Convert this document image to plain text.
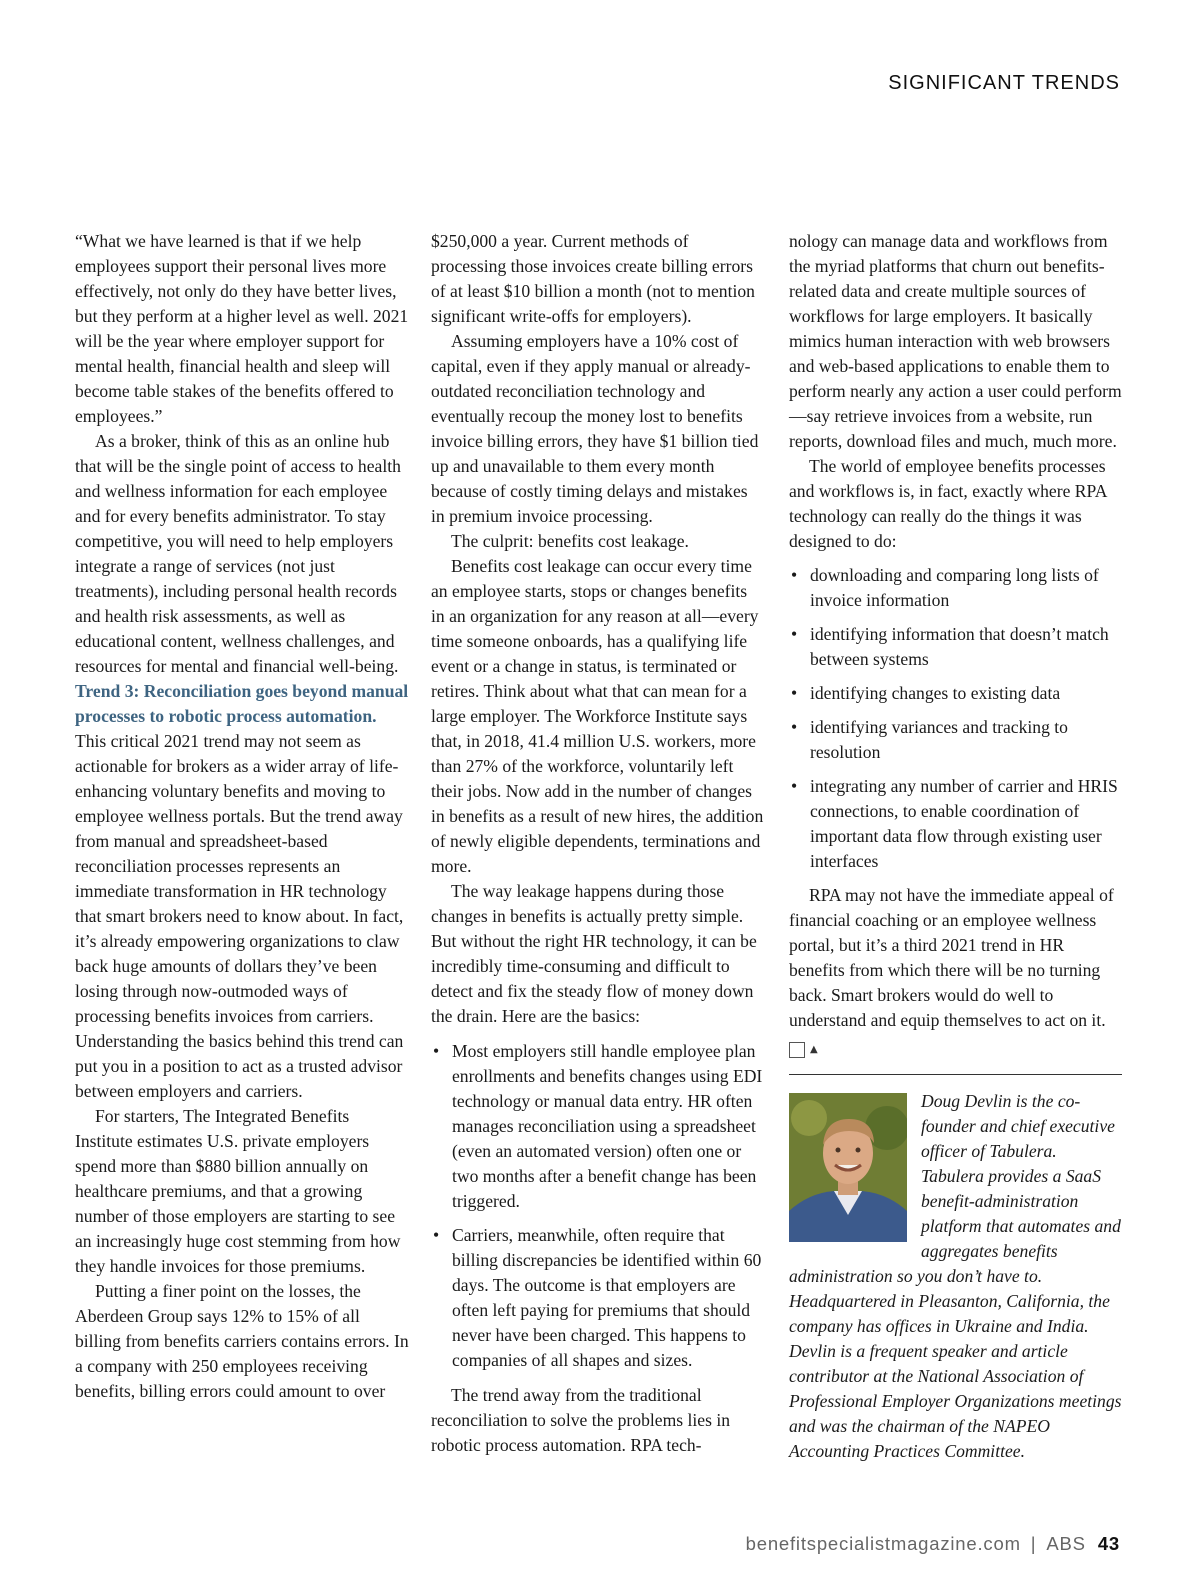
SIGNIFICANT TRENDS

“What we have learned is that if we help employees support their personal lives more effectively, not only do they have better lives, but they perform at a higher level as well. 2021 will be the year where employer support for mental health, financial health and sleep will become table stakes of the benefits offered to employees.”

As a broker, think of this as an online hub that will be the single point of access to health and wellness information for each employee and for every benefits administrator. To stay competitive, you will need to help employers integrate a range of services (not just treatments), including personal health records and health risk assessments, as well as educational content, wellness challenges, and resources for mental and financial well-being.

Trend 3: Reconciliation goes beyond manual processes to robotic process automation.

This critical 2021 trend may not seem as actionable for brokers as a wider array of life-enhancing voluntary benefits and moving to employee wellness portals. But the trend away from manual and spreadsheet-based reconciliation processes represents an immediate transformation in HR technology that smart brokers need to know about. In fact, it’s already empowering organizations to claw back huge amounts of dollars they’ve been losing through now-outmoded ways of processing benefits invoices from carriers. Understanding the basics behind this trend can put you in a position to act as a trusted advisor between employers and carriers.

For starters, The Integrated Benefits Institute estimates U.S. private employers spend more than $880 billion annually on healthcare premiums, and that a growing number of those employers are starting to see an increasingly huge cost stemming from how they handle invoices for those premiums.

Putting a finer point on the losses, the Aberdeen Group says 12% to 15% of all billing from benefits carriers contains errors. In a company with 250 employees receiving benefits, billing errors could amount to over

$250,000 a year. Current methods of processing those invoices create billing errors of at least $10 billion a month (not to mention significant write-offs for employers).

Assuming employers have a 10% cost of capital, even if they apply manual or already-outdated reconciliation technology and eventually recoup the money lost to benefits invoice billing errors, they have $1 billion tied up and unavailable to them every month because of costly timing delays and mistakes in premium invoice processing.

The culprit: benefits cost leakage.

Benefits cost leakage can occur every time an employee starts, stops or changes benefits in an organization for any reason at all—every time someone onboards, has a qualifying life event or a change in status, is terminated or retires. Think about what that can mean for a large employer. The Workforce Institute says that, in 2018, 41.4 million U.S. workers, more than 27% of the workforce, voluntarily left their jobs. Now add in the number of changes in benefits as a result of new hires, the addition of newly eligible dependents, terminations and more.

The way leakage happens during those changes in benefits is actually pretty simple. But without the right HR technology, it can be incredibly time-consuming and difficult to detect and fix the steady flow of money down the drain. Here are the basics:

• Most employers still handle employee plan enrollments and benefits changes using EDI technology or manual data entry. HR often manages reconciliation using a spreadsheet (even an automated version) often one or two months after a benefit change has been triggered.
• Carriers, meanwhile, often require that billing discrepancies be identified within 60 days. The outcome is that employers are often left paying for premiums that should never have been charged. This happens to companies of all shapes and sizes.

The trend away from the traditional reconciliation to solve the problems lies in robotic process automation. RPA tech-

nology can manage data and workflows from the myriad platforms that churn out benefits-related data and create multiple sources of workflows for large employers. It basically mimics human interaction with web browsers and web-based applications to enable them to perform nearly any action a user could perform—say retrieve invoices from a website, run reports, download files and much, much more.

The world of employee benefits processes and workflows is, in fact, exactly where RPA technology can really do the things it was designed to do:

• downloading and comparing long lists of invoice information
• identifying information that doesn’t match between systems
• identifying changes to existing data
• identifying variances and tracking to resolution
• integrating any number of carrier and HRIS connections, to enable coordination of important data flow through existing user interfaces

RPA may not have the immediate appeal of financial coaching or an employee wellness portal, but it’s a third 2021 trend in HR benefits from which there will be no turning back. Smart brokers would do well to understand and equip themselves to act on it. ▲

Doug Devlin is the co-founder and chief executive officer of Tabulera. Tabulera provides a SaaS benefit-administration platform that automates and aggregates benefits administration so you don’t have to. Headquartered in Pleasanton, California, the company has offices in Ukraine and India. Devlin is a frequent speaker and article contributor at the National Association of Professional Employer Organizations meetings and was the chairman of the NAPEO Accounting Practices Committee.
benefitspecialistmagazine.com | ABS 43
